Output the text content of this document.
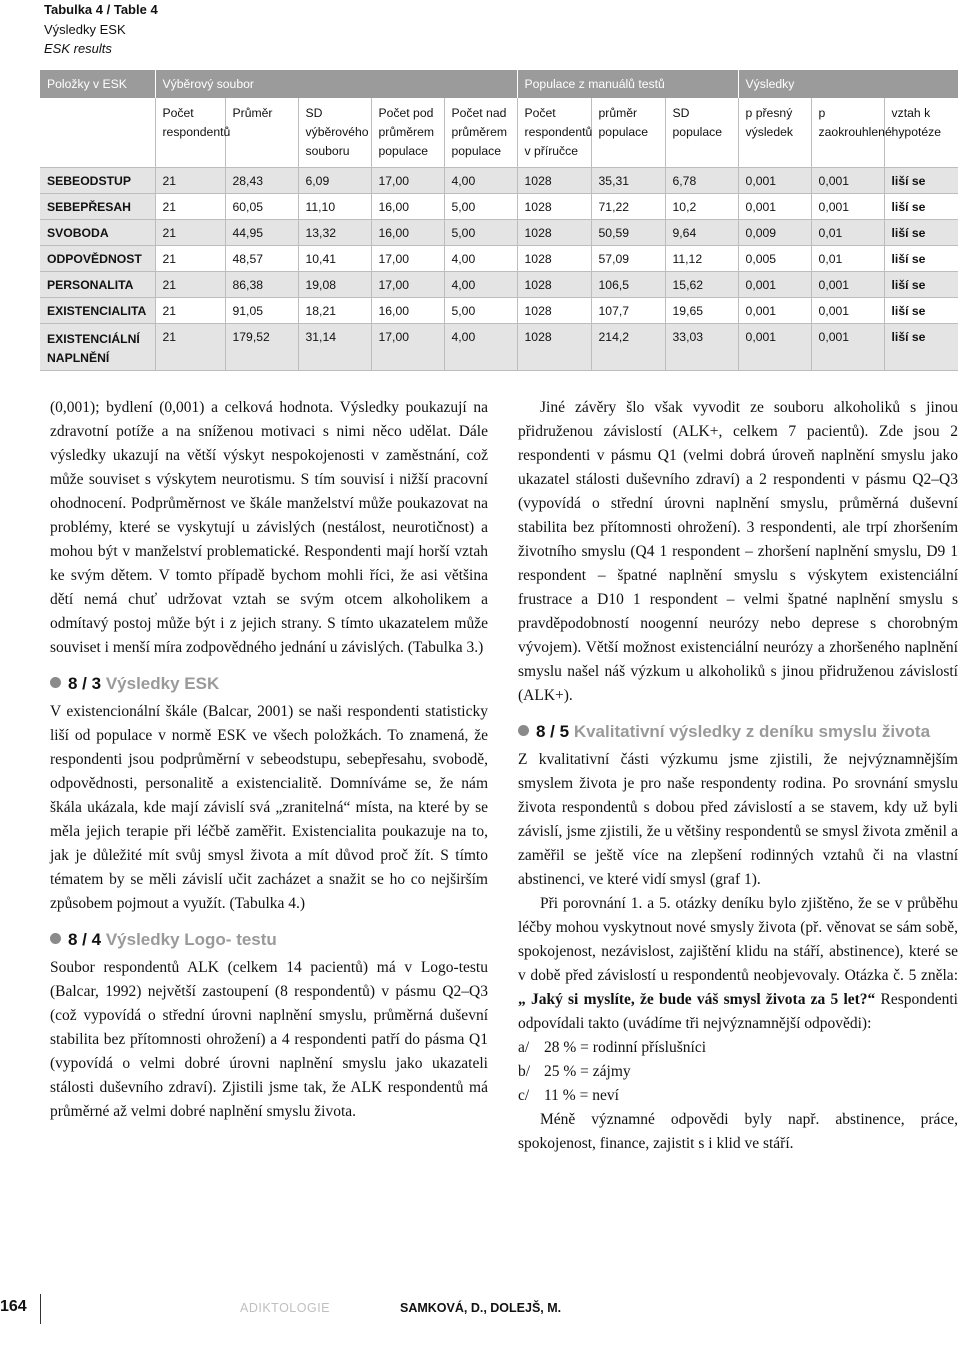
Tabulka 4 / Table 4
Výsledky ESK
ESK results
Položky v ESK	Výběrový soubor					Populace z manuálů testů			Výsledky		
	Počet respondentů	Průměr	SD výběrového souboru	Počet pod průměrem populace	Počet nad průměrem populace	Počet respondentů v příručce	průměr populace	SD populace	p přesný výsledek	p zaokrouhlené	vztah k hypotéze
SEBEODSTUP	21	28,43	6,09	17,00	4,00	1028	35,31	6,78	0,001	0,001	liší se
SEBEPŘESAH	21	60,05	11,10	16,00	5,00	1028	71,22	10,2	0,001	0,001	liší se
SVOBODA	21	44,95	13,32	16,00	5,00	1028	50,59	9,64	0,009	0,01	liší se
ODPOVĚDNOST	21	48,57	10,41	17,00	4,00	1028	57,09	11,12	0,005	0,01	liší se
PERSONALITA	21	86,38	19,08	17,00	4,00	1028	106,5	15,62	0,001	0,001	liší se
EXISTENCIALITA	21	91,05	18,21	16,00	5,00	1028	107,7	19,65	0,001	0,001	liší se
EXISTENCIÁLNÍ NAPLNĚNÍ	21	179,52	31,14	17,00	4,00	1028	214,2	33,03	0,001	0,001	liší se

(0,001); bydlení (0,001) a celková hodnota. Výsledky poukazují na zdravotní potíže a na sníženou motivaci s nimi něco udělat. Dále výsledky ukazují na větší výskyt nespokojenosti v zaměstnání, což může souviset s výskytem neurotismu. S tím souvisí i nižší pracovní ohodnocení. Podprůměrnost ve škále manželství může poukazovat na problémy, které se vyskytují u závislých (nestálost, neurotičnost) a mohou být v manželství problematické. Respondenti mají horší vztah ke svým dětem. V tomto případě bychom mohli říci, že asi většina dětí nemá chuť udržovat vztah se svým otcem alkoholikem a odmítavý postoj může být i z jejich strany. S tímto ukazatelem může souviset i menší míra zodpovědného jednání u závislých. (Tabulka 3.)

8 / 3 Výsledky ESK

V existencionální škále (Balcar, 2001) se naši respondenti statisticky liší od populace v normě ESK ve všech položkách. To znamená, že respondenti jsou podprůměrní v sebeodstupu, sebepřesahu, svobodě, odpovědnosti, personalitě a existencialitě. Domníváme se, že nám škála ukázala, kde mají závislí svá „zranitelná“ místa, na které by se měla jejich terapie při léčbě zaměřit. Existencialita poukazuje na to, jak je důležité mít svůj smysl života a mít důvod proč žít. S tímto tématem by se měli závislí učit zacházet a snažit se ho co nejširším způsobem pojmout a využít. (Tabulka 4.)

8 / 4 Výsledky Logo- testu

Soubor respondentů ALK (celkem 14 pacientů) má v Logo-testu (Balcar, 1992) největší zastoupení (8 respondentů) v pásmu Q2–Q3 (což vypovídá o střední úrovni naplnění smyslu, průměrná duševní stabilita bez přítomnosti ohrožení) a 4 respondenti patří do pásma Q1 (vypovídá o velmi dobré úrovni naplnění smyslu jako ukazateli stálosti duševního zdraví). Zjistili jsme tak, že ALK respondentů má průměrné až velmi dobré naplnění smyslu života.

Jiné závěry šlo však vyvodit ze souboru alkoholiků s jinou přidruženou závislostí (ALK+, celkem 7 pacientů). Zde jsou 2 respondenti v pásmu Q1 (velmi dobrá úroveň naplnění smyslu jako ukazatel stálosti duševního zdraví) a 2 respondenti v pásmu Q2–Q3 (vypovídá o střední úrovni naplnění smyslu, průměrná duševní stabilita bez přítomnosti ohrožení). 3 respondenti, ale trpí zhoršením životního smyslu (Q4 1 respondent – zhoršení naplnění smyslu, D9 1 respondent – špatné naplnění smyslu s výskytem existenciální frustrace a D10 1 respondent – velmi špatné naplnění smyslu s pravděpodobností noogenní neurózy nebo deprese s chorobným vývojem). Větší možnost existenciální neurózy a zhoršeného naplnění smyslu našel náš výzkum u alkoholiků s jinou přidruženou závislostí (ALK+).

8 / 5 Kvalitativní výsledky z deníku smyslu života

Z kvalitativní části výzkumu jsme zjistili, že nejvýznamnějším smyslem života je pro naše respondenty rodina. Po srovnání smyslu života respondentů s dobou před závislostí a se stavem, kdy už byli závislí, jsme zjistili, že u většiny respondentů se smysl života změnil a zaměřil se ještě více na zlepšení rodinných vztahů či na vlastní abstinenci, ve které vidí smysl (graf 1).

Při porovnání 1. a 5. otázky deníku bylo zjištěno, že se v průběhu léčby mohou vyskytnout nové smysly života (př. věnovat se sám sobě, spokojenost, nezávislost, zajištění klidu na stáří, abstinence), které se v době před závislostí u respondentů neobjevovaly. Otázka č. 5 zněla: „ Jaký si myslíte, že bude váš smysl života za 5 let?“ Respondenti odpovídali takto (uvádíme tři nejvýznamnější odpovědi):

a/ 28 % = rodinní příslušníci
b/ 25 % = zájmy
c/ 11 % = neví

Méně významné odpovědi byly např. abstinence, práce, spokojenost, finance, zajistit s i klid ve stáří.

164	ADIKTOLOGIE	SAMKOVÁ, D., DOLEJŠ, M.
